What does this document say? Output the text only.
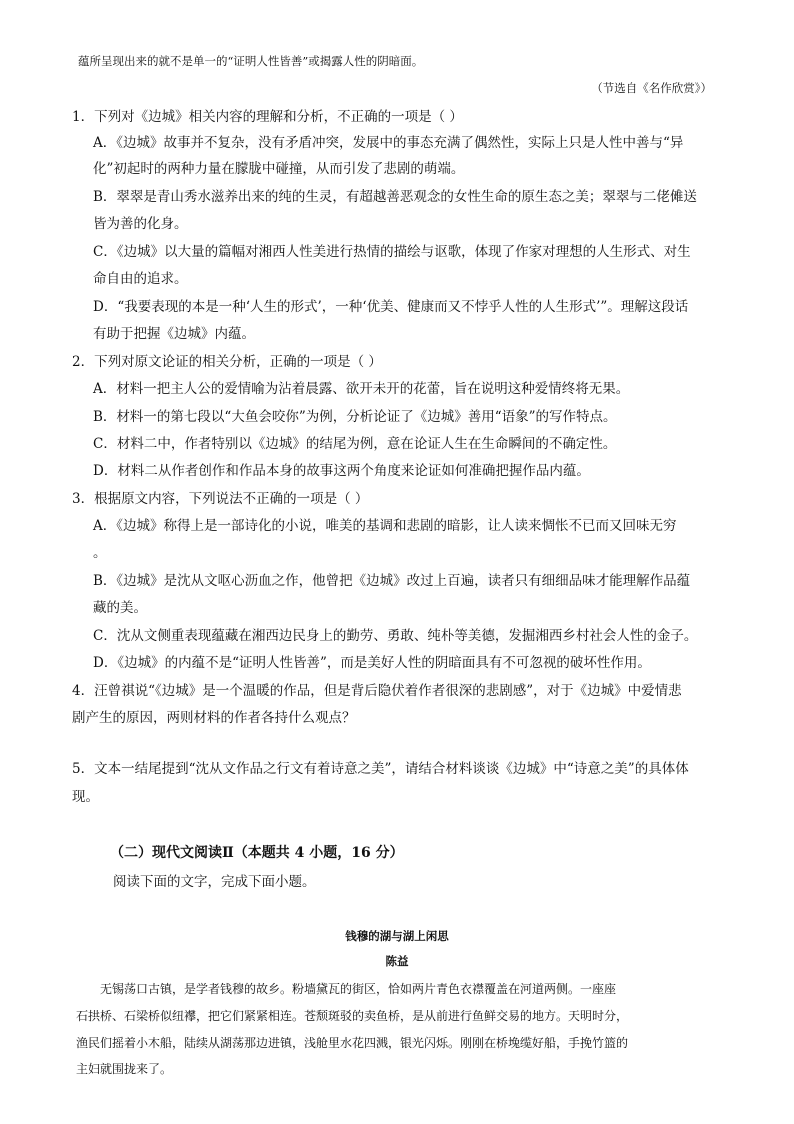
蕴所呈现出来的就不是单一的“证明人性皆善”或揭露人性的阴暗面。
（节选自《名作欣赏》）
1．下列对《边城》相关内容的理解和分析，不正确的一项是（ ）
A．《边城》故事并不复杂，没有矛盾冲突，发展中的事态充满了偶然性，实际上只是人性中善与“异
化”初起时的两种力量在朦胧中碰撞，从而引发了悲剧的萌端。
B．翠翠是青山秀水滋养出来的纯的生灵，有超越善恶观念的女性生命的原生态之美；翠翠与二佬傩送
皆为善的化身。
C．《边城》以大量的篇幅对湘西人性美进行热情的描绘与讴歌，体现了作家对理想的人生形式、对生
命自由的追求。
D．“我要表现的本是一种‘人生的形式’，一种‘优美、健康而又不悖乎人性的人生形式’”。理解这段话
有助于把握《边城》内蕴。
2．下列对原文论证的相关分析，正确的一项是（ ）
A．材料一把主人公的爱情喻为沾着晨露、欲开未开的花蕾，旨在说明这种爱情终将无果。
B．材料一的第七段以“大鱼会咬你”为例，分析论证了《边城》善用“语象”的写作特点。
C．材料二中，作者特别以《边城》的结尾为例，意在论证人生在生命瞬间的不确定性。
D．材料二从作者创作和作品本身的故事这两个角度来论证如何准确把握作品内蕴。
3．根据原文内容，下列说法不正确的一项是（ ）
A．《边城》称得上是一部诗化的小说，唯美的基调和悲剧的暗影，让人读来惆怅不已而又回味无穷
。
B．《边城》是沈从文呕心沥血之作，他曾把《边城》改过上百遍，读者只有细细品味才能理解作品蕴
藏的美。
C．沈从文侧重表现蕴藏在湘西边民身上的勤劳、勇敢、纯朴等美德，发掘湘西乡村社会人性的金子。
D．《边城》的内蕴不是“证明人性皆善”，而是美好人性的阴暗面具有不可忽视的破坏性作用。
4．汪曾祺说“《边城》是一个温暖的作品，但是背后隐伏着作者很深的悲剧感”，对于《边城》中爱情悲
剧产生的原因，两则材料的作者各持什么观点？
5．文本一结尾提到“沈从文作品之行文有着诗意之美”，请结合材料谈谈《边城》中“诗意之美”的具体体
现。
（二）现代文阅读Ⅱ（本题共 4 小题，16 分）
阅读下面的文字，完成下面小题。
钱穆的湖与湖上闲思
陈益
无锡荡口古镇，是学者钱穆的故乡。粉墙黛瓦的街区，恰如两片青色衣襟覆盖在河道两侧。一座座
石拱桥、石梁桥似纽襻，把它们紧紧相连。苍颓斑驳的卖鱼桥，是从前进行鱼鲜交易的地方。天明时分，
渔民们摇着小木船，陆续从湖荡那边进镇，浅舱里水花四溅，银光闪烁。刚刚在桥堍缆好船，手挽竹篮的
主妇就围拢来了。
